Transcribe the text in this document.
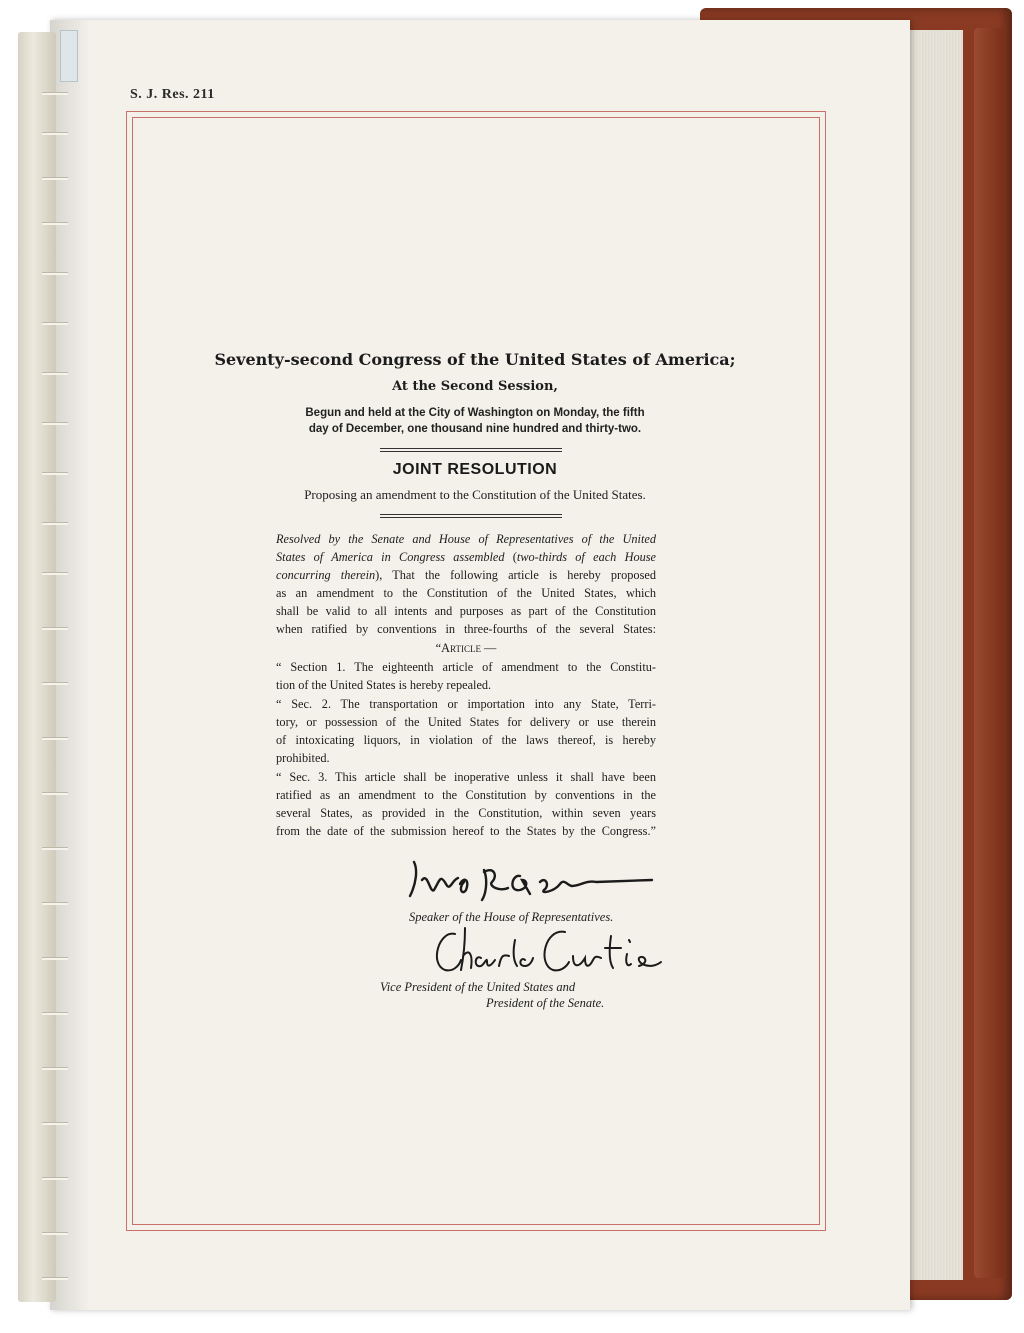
S. J. Res. 211
Seventy-second Congress of the United States of America;
At the Second Session,
Begun and held at the City of Washington on Monday, the fifth
day of December, one thousand nine hundred and thirty-two.
JOINT RESOLUTION
Proposing an amendment to the Constitution of the United States.
Resolved by the Senate and House of Representatives of the United
States of America in Congress assembled (two-thirds of each House
concurring therein), That the following article is hereby proposed
as an amendment to the Constitution of the United States, which
shall be valid to all intents and purposes as part of the Constitution
when ratified by conventions in three-fourths of the several States:
“Article —
“ Section 1. The eighteenth article of amendment to the Constitu-
tion of the United States is hereby repealed.
“ Sec. 2. The transportation or importation into any State, Terri-
tory, or possession of the United States for delivery or use therein
of intoxicating liquors, in violation of the laws thereof, is hereby
prohibited.
“ Sec. 3. This article shall be inoperative unless it shall have been
ratified as an amendment to the Constitution by conventions in the
several States, as provided in the Constitution, within seven years
from the date of the submission hereof to the States by the Congress.”
Speaker of the House of Representatives.
Vice President of the United States and
President of the Senate.
